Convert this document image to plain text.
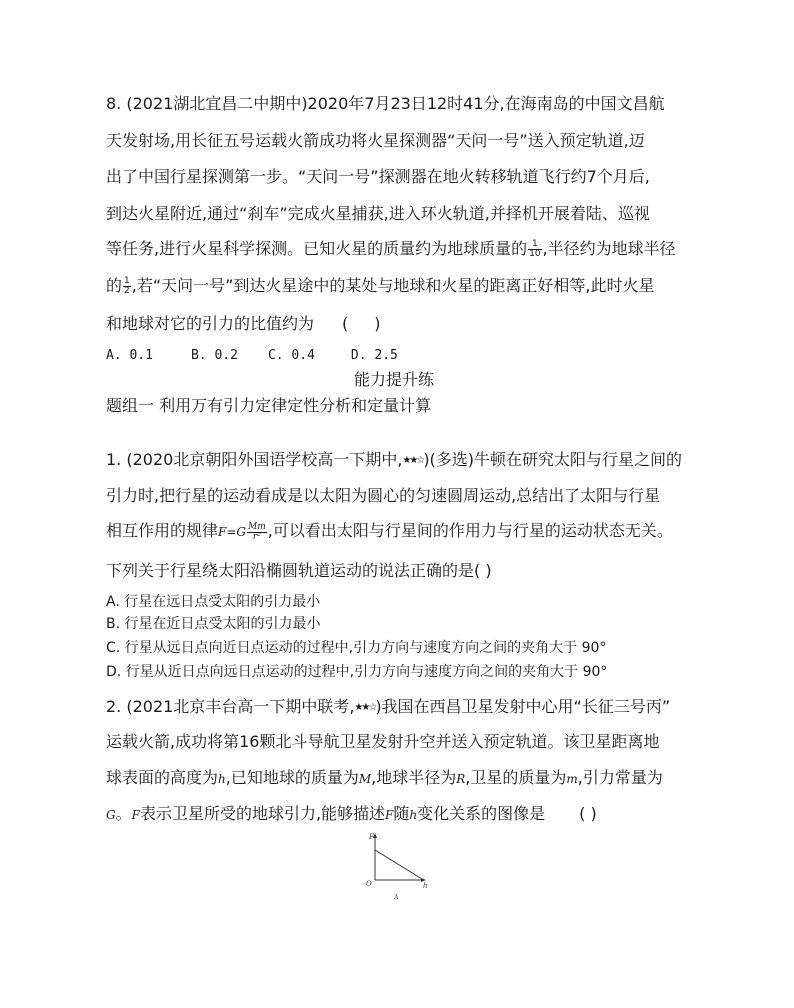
8. (2021湖北宜昌二中期中)2020年7月23日12时41分,在海南岛的中国文昌航
天发射场,用长征五号运载火箭成功将火星探测器“天问一号”送入预定轨道,迈
出了中国行星探测第一步。“天问一号”探测器在地火转移轨道飞行约7个月后,
到达火星附近,通过“刹车”完成火星捕获,进入环火轨道,并择机开展着陆、巡视
等任务,进行火星科学探测。已知火星的质量约为地球质量的 $\frac{1}{10}$ ,半径约为地球半径
的 $\frac{1}{2}$ ,若“天问一号”到达火星途中的某处与地球和火星的距离正好相等,此时火星
和地球对它的引力的比值约为 ( )
A. 0.1	B. 0.2 C. 0.4	D. 2.5
能力提升练
题组一 利用万有引力定律定性分析和定量计算
1. (2020北京朝阳外国语学校高一下期中,★★☆)(多选)牛顿在研究太阳与行星之间的
引力时,把行星的运动看成是以太阳为圆心的匀速圆周运动,总结出了太阳与行星
相互作用的规律$F=G \frac{Mm}{\text{r²}}$ ,可以看出太阳与行星间的作用力与行星的运动状态无关。
下列关于行星绕太阳沿椭圆轨道运动的说法正确的是( )
A. 行星在远日点受太阳的引力最小
B. 行星在近日点受太阳的引力最小
C. 行星从远日点向近日点运动的过程中,引力方向与速度方向之间的夹角大于 90°
D. 行星从近日点向远日点运动的过程中,引力方向与速度方向之间的夹角大于 90°
2. (2021北京丰台高一下期中联考,★★☆)我国在西昌卫星发射中心用“长征三号丙”
运载火箭,成功将第16颗北斗导航卫星发射升空并送入预定轨道。该卫星距离地
球表面的高度为h,已知地球的质量为M,地球半径为R,卫星的质量为m,引力常量为
G。F表示卫星所受的地球引力,能够描述F随h变化关系的图像是 ( )
F
h
O
A
